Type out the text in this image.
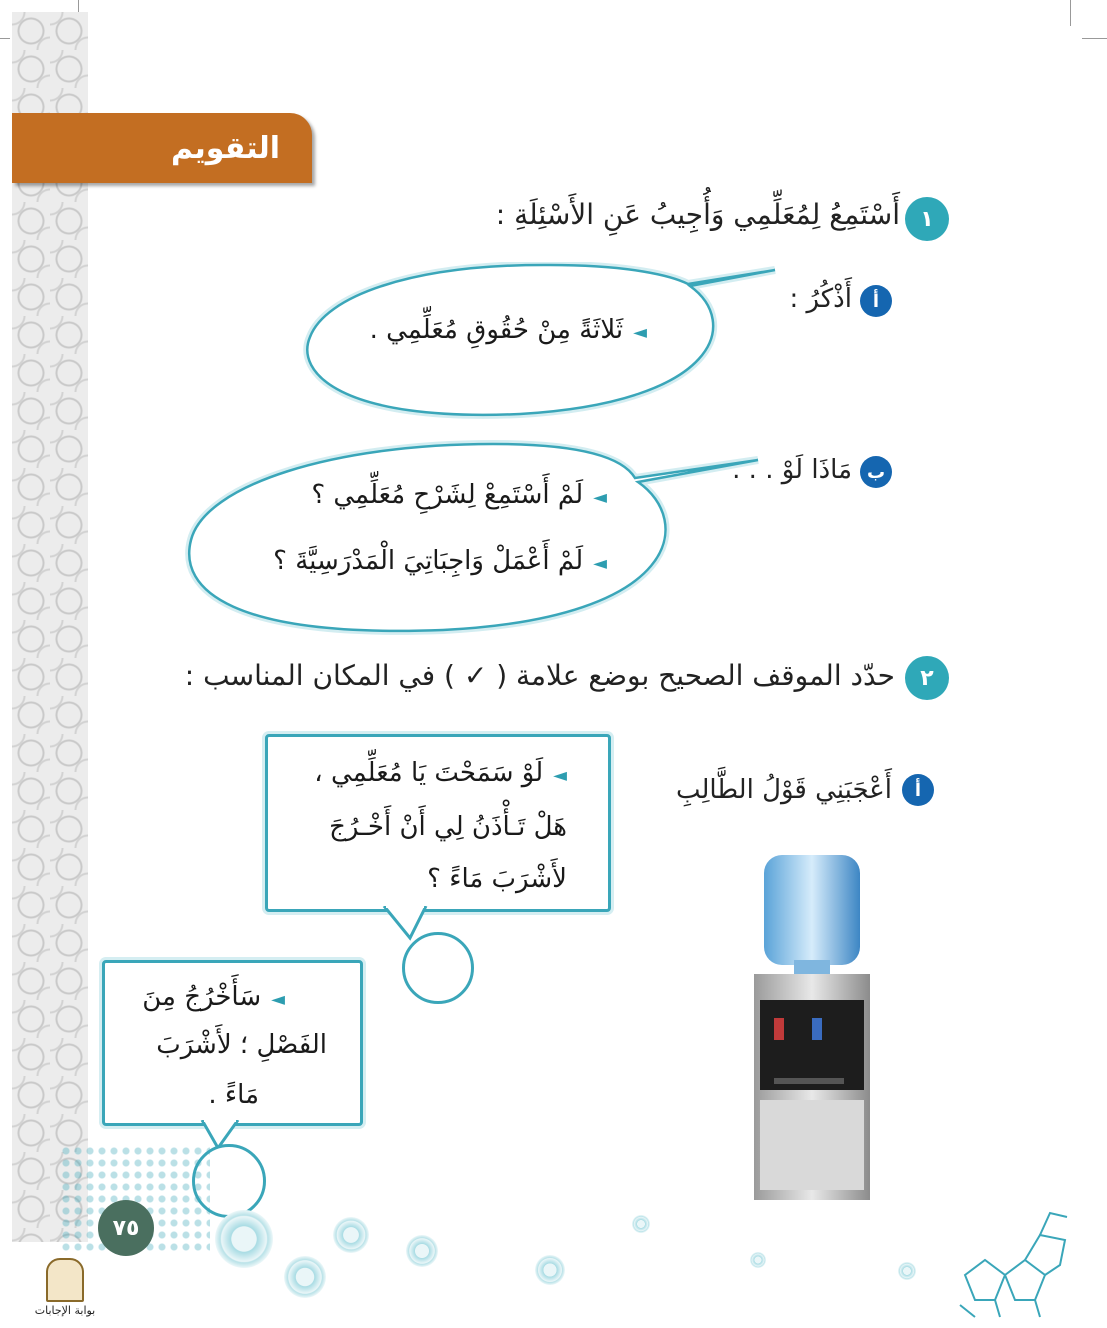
التقويم
١
أَسْتَمِعُ لِمُعَلِّمِي وَأُجِيبُ عَنِ الأَسْئِلَةِ :
أ
أَذْكُرُ :
◄ثَلاثَةً مِنْ حُقُوقِ مُعَلِّمِي .
ب
مَاذَا لَوْ . . .
◄لَمْ أَسْتَمِعْ لِشَرْحِ مُعَلِّمِي ؟
◄لَمْ أَعْمَلْ وَاجِبَاتِيَ الْمَدْرَسِيَّةَ ؟
٢
حدّد الموقف الصحيح بوضع علامة ( ✓ ) في المكان المناسب :
أ
أَعْجَبَنِي قَوْلُ الطَّالِبِ
◄لَوْ سَمَحْتَ يَا مُعَلِّمِي ،
هَلْ تَـأْذَنُ لِي أَنْ أَخْـرُجَ
لأَشْرَبَ مَاءً ؟
◄سَأَخْرُجُ مِنَ
الفَصْلِ ؛ لأَشْرَبَ
مَاءً .
٧٥
بوابة الإجابات
